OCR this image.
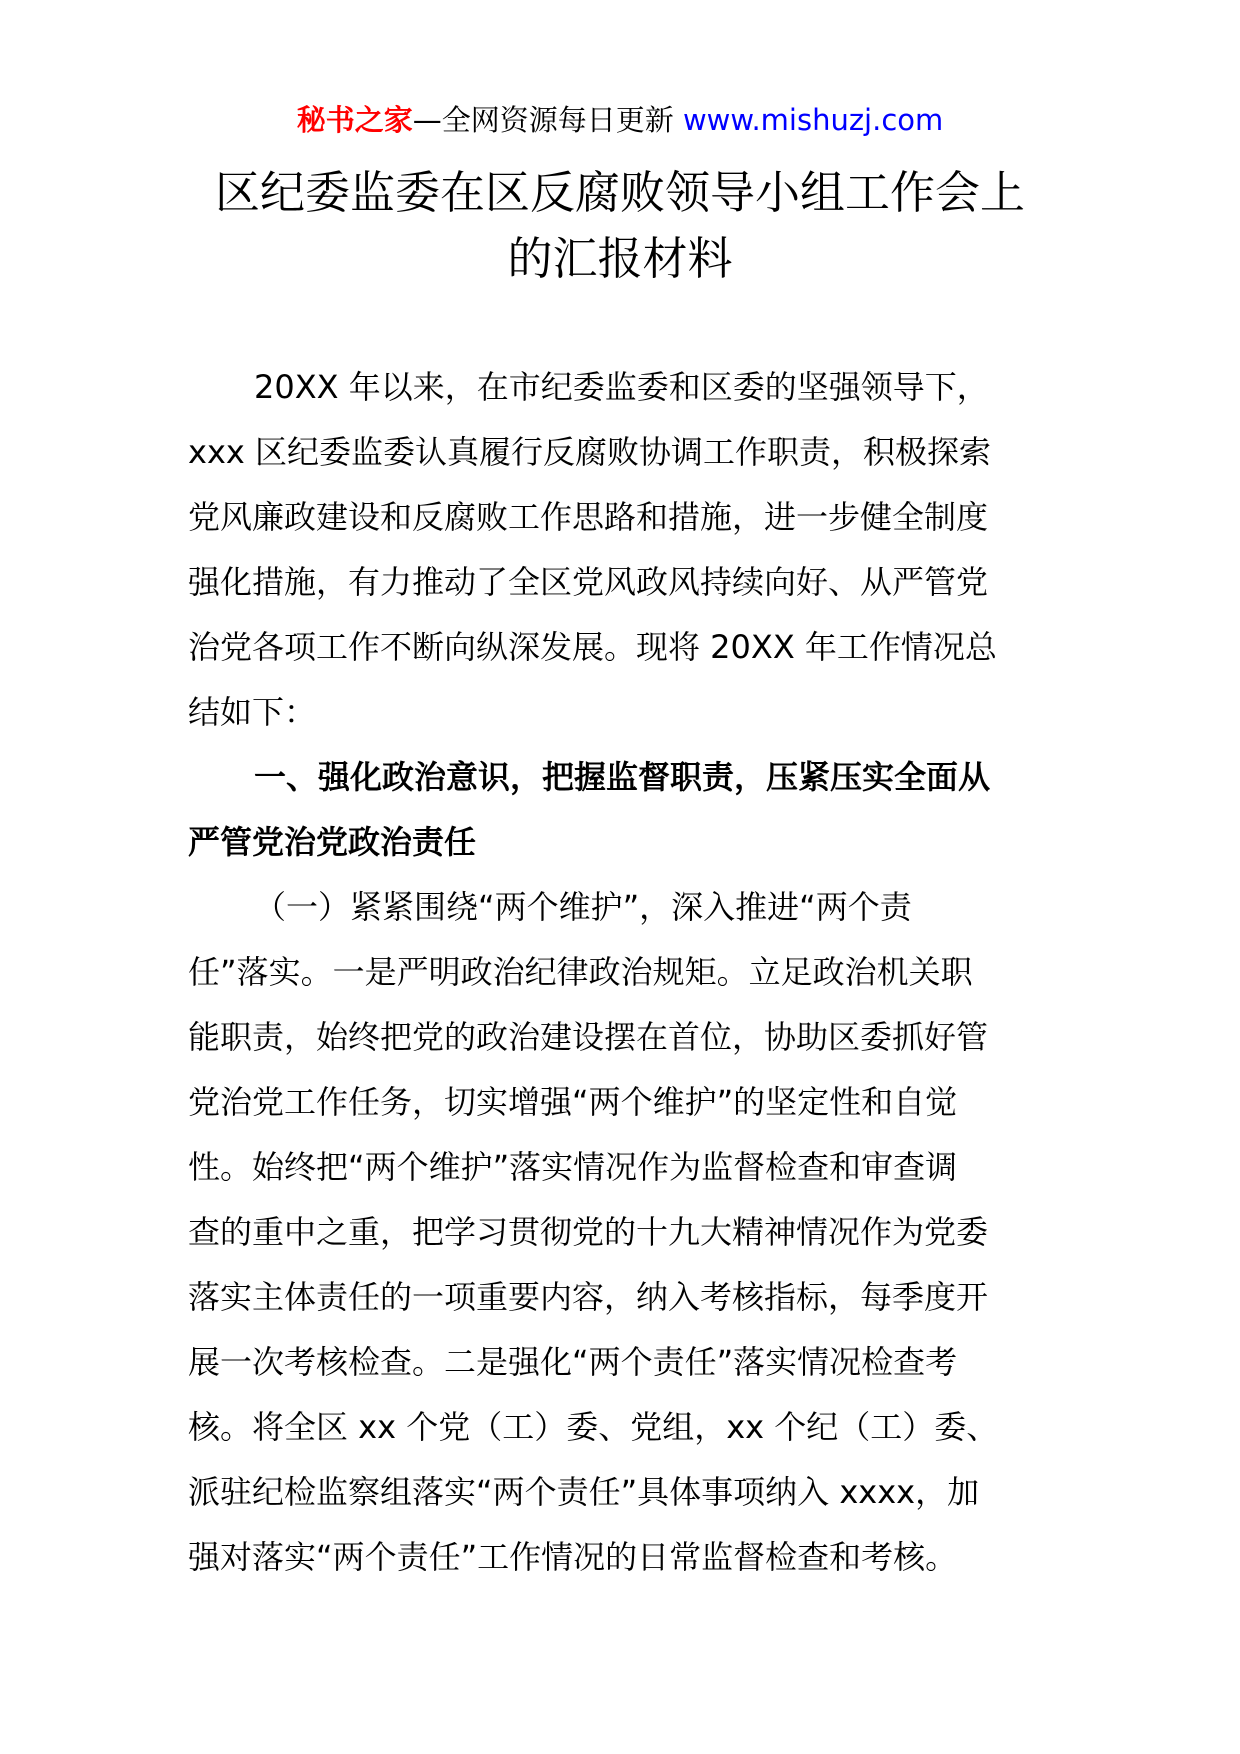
秘书之家—全网资源每日更新 www.mishuzj.com
区纪委监委在区反腐败领导小组工作会上
的汇报材料
20XX 年以来，在市纪委监委和区委的坚强领导下，
xxx 区纪委监委认真履行反腐败协调工作职责，积极探索
党风廉政建设和反腐败工作思路和措施，进一步健全制度
强化措施，有力推动了全区党风政风持续向好、从严管党
治党各项工作不断向纵深发展。现将 20XX 年工作情况总
结如下：
一、强化政治意识，把握监督职责，压紧压实全面从
严管党治党政治责任
（一）紧紧围绕“两个维护”，深入推进“两个责
任”落实。一是严明政治纪律政治规矩。立足政治机关职
能职责，始终把党的政治建设摆在首位，协助区委抓好管
党治党工作任务，切实增强“两个维护”的坚定性和自觉
性。始终把“两个维护”落实情况作为监督检查和审查调
查的重中之重，把学习贯彻党的十九大精神情况作为党委
落实主体责任的一项重要内容，纳入考核指标，每季度开
展一次考核检查。二是强化“两个责任”落实情况检查考
核。将全区 xx 个党（工）委、党组，xx 个纪（工）委、
派驻纪检监察组落实“两个责任”具体事项纳入 xxxx，加
强对落实“两个责任”工作情况的日常监督检查和考核。
